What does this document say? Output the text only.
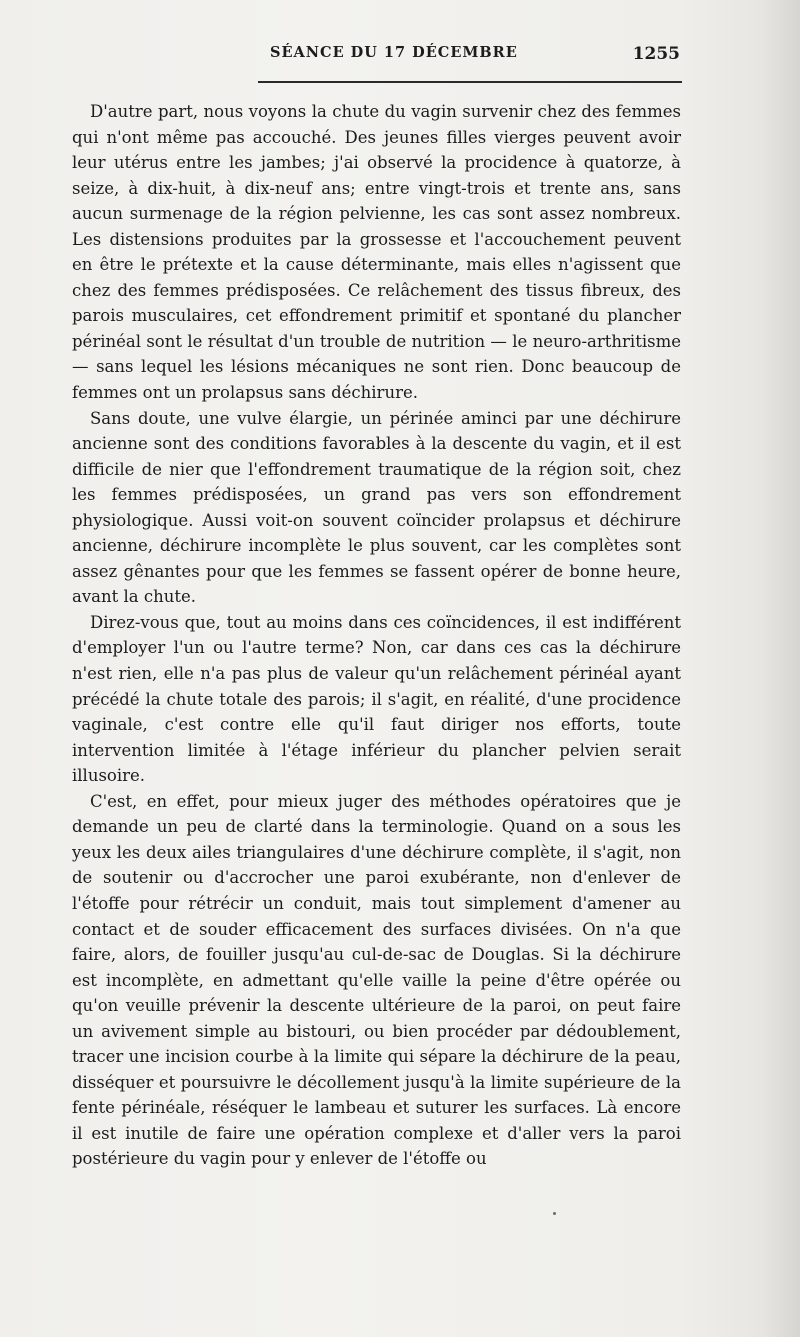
SÉANCE DU 17 DÉCEMBRE	1255

D'autre part, nous voyons la chute du vagin survenir chez des femmes qui n'ont même pas accouché. Des jeunes filles vierges peuvent avoir leur utérus entre les jambes; j'ai observé la procidence à quatorze, à seize, à dix-huit, à dix-neuf ans; entre vingt-trois et trente ans, sans aucun surmenage de la région pelvienne, les cas sont assez nombreux. Les distensions produites par la grossesse et l'accouchement peuvent en être le prétexte et la cause déterminante, mais elles n'agissent que chez des femmes prédisposées. Ce relâchement des tissus fibreux, des parois musculaires, cet effondrement primitif et spontané du plancher périnéal sont le résultat d'un trouble de nutrition — le neuro-arthritisme — sans lequel les lésions mécaniques ne sont rien. Donc beaucoup de femmes ont un prolapsus sans déchirure.

Sans doute, une vulve élargie, un périnée aminci par une déchirure ancienne sont des conditions favorables à la descente du vagin, et il est difficile de nier que l'effondrement traumatique de la région soit, chez les femmes prédisposées, un grand pas vers son effondrement physiologique. Aussi voit-on souvent coïncider prolapsus et déchirure ancienne, déchirure incomplète le plus souvent, car les complètes sont assez gênantes pour que les femmes se fassent opérer de bonne heure, avant la chute.

Direz-vous que, tout au moins dans ces coïncidences, il est indifférent d'employer l'un ou l'autre terme? Non, car dans ces cas la déchirure n'est rien, elle n'a pas plus de valeur qu'un relâchement périnéal ayant précédé la chute totale des parois; il s'agit, en réalité, d'une procidence vaginale, c'est contre elle qu'il faut diriger nos efforts, toute intervention limitée à l'étage inférieur du plancher pelvien serait illusoire.

C'est, en effet, pour mieux juger des méthodes opératoires que je demande un peu de clarté dans la terminologie. Quand on a sous les yeux les deux ailes triangulaires d'une déchirure complète, il s'agit, non de soutenir ou d'accrocher une paroi exubérante, non d'enlever de l'étoffe pour rétrécir un conduit, mais tout simplement d'amener au contact et de souder efficacement des surfaces divisées. On n'a que faire, alors, de fouiller jusqu'au cul-de-sac de Douglas. Si la déchirure est incomplète, en admettant qu'elle vaille la peine d'être opérée ou qu'on veuille prévenir la descente ultérieure de la paroi, on peut faire un avivement simple au bistouri, ou bien procéder par dédoublement, tracer une incision courbe à la limite qui sépare la déchirure de la peau, disséquer et poursuivre le décollement jusqu'à la limite supérieure de la fente périnéale, réséquer le lambeau et suturer les surfaces. Là encore il est inutile de faire une opération complexe et d'aller vers la paroi postérieure du vagin pour y enlever de l'étoffe ou
